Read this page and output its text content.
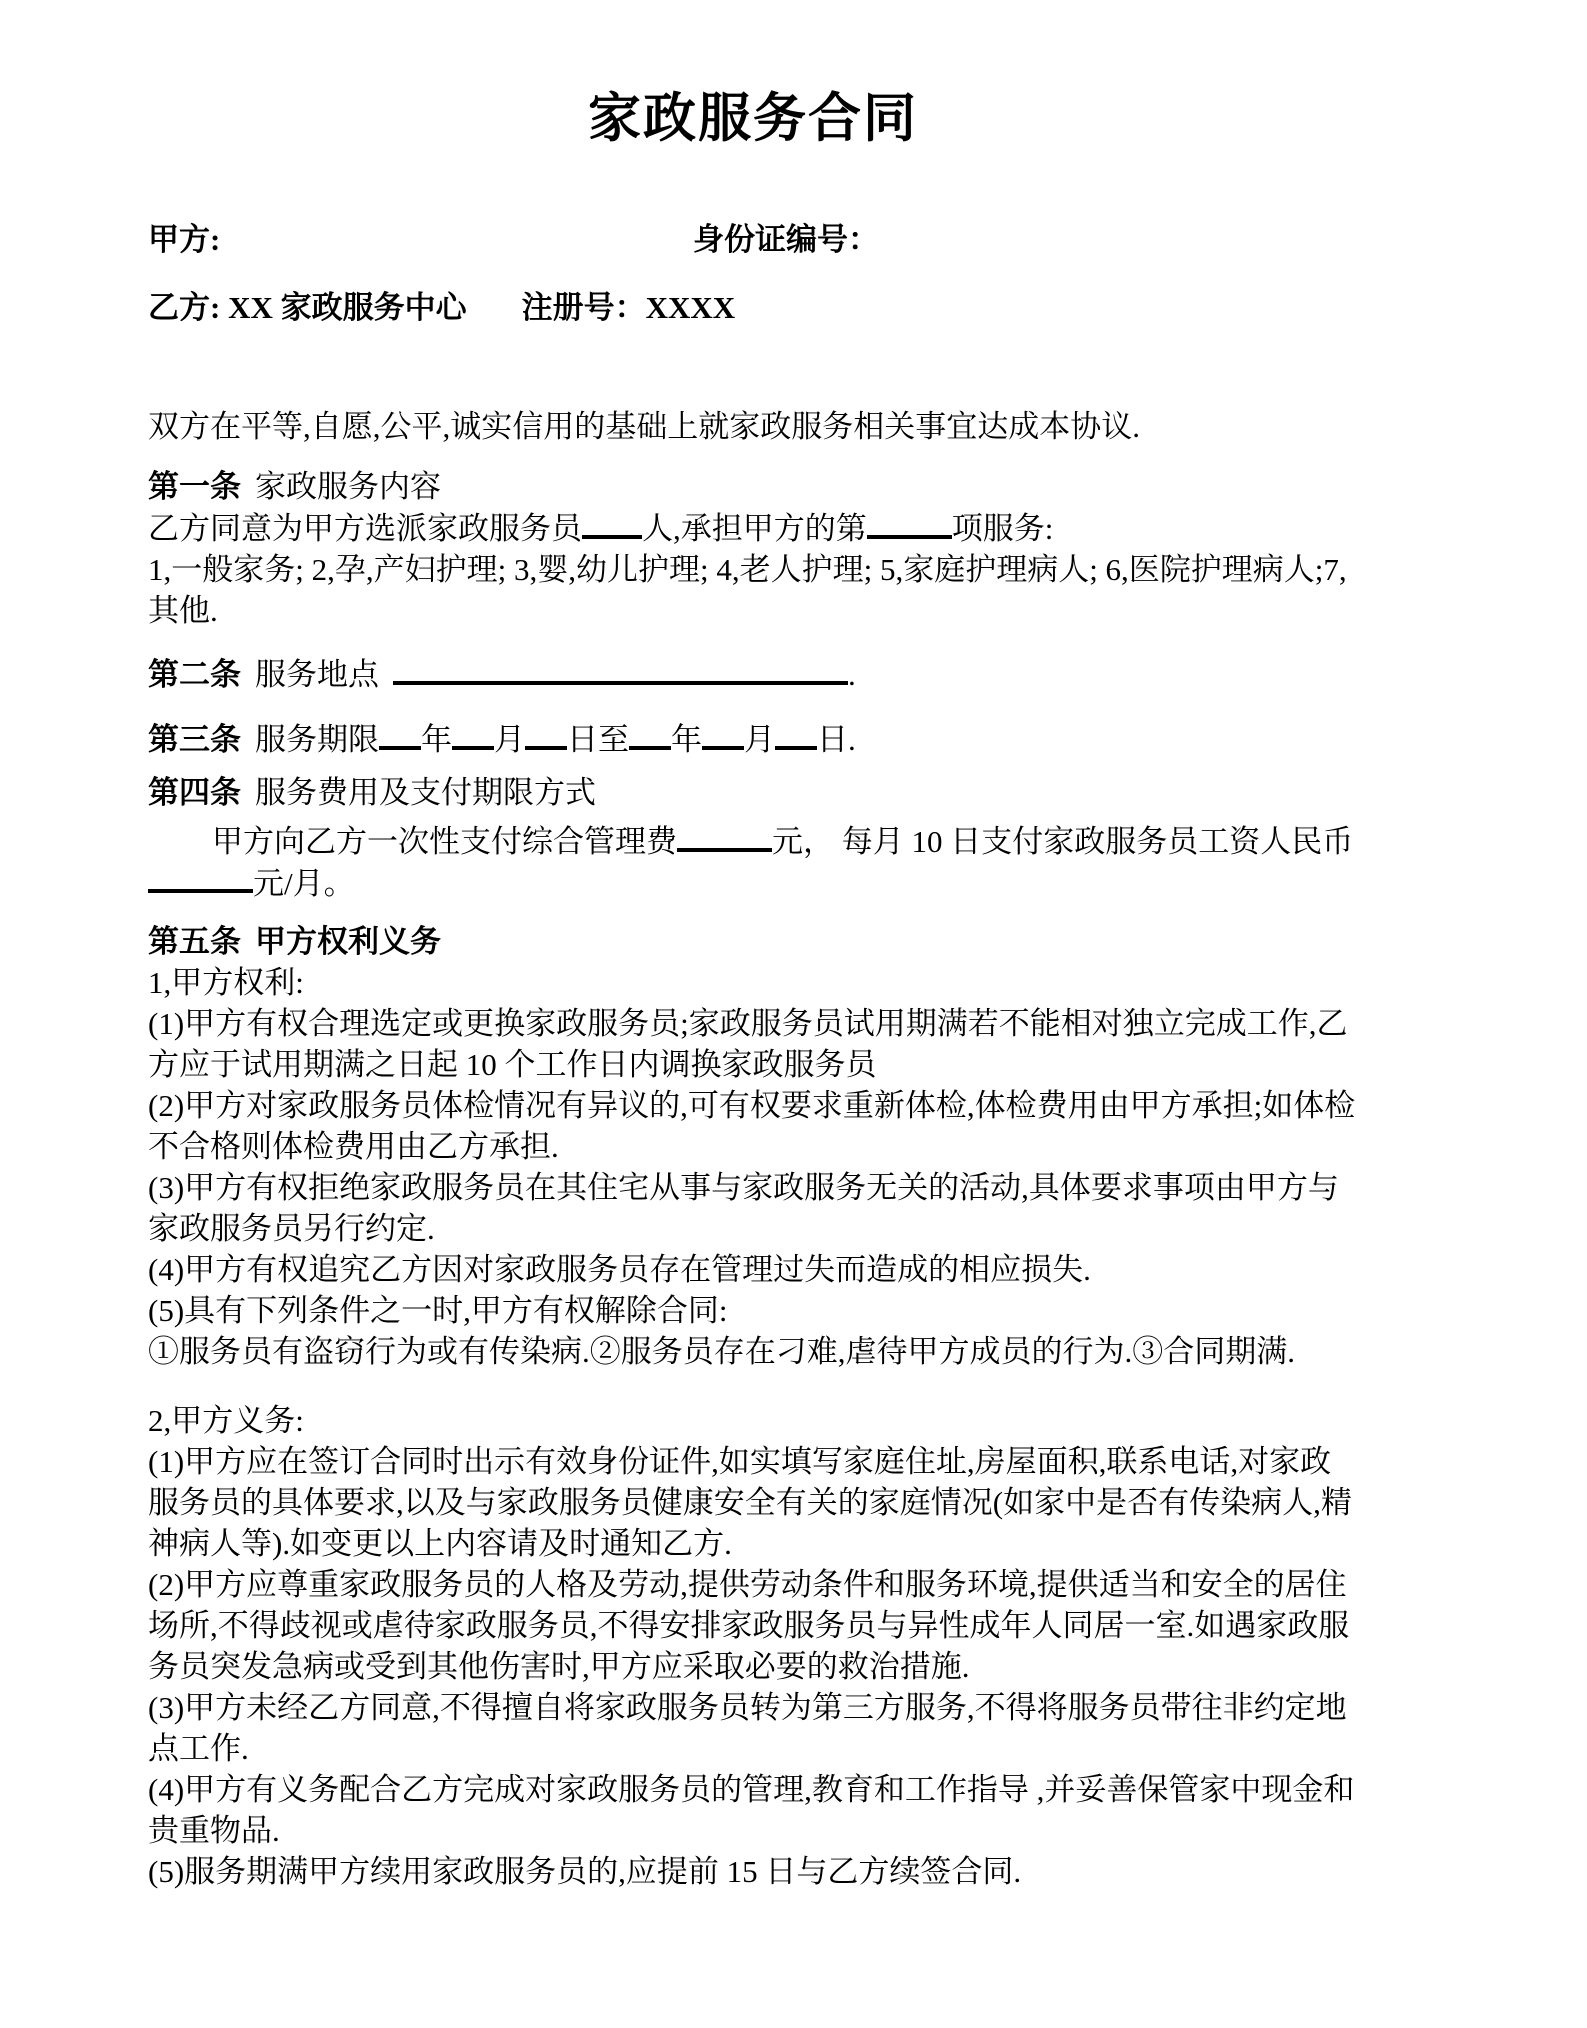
家政服务合同

甲方:	身份证编号：

乙方: XX 家政服务中心 注册号：XXXX

双方在平等,自愿,公平,诚实信用的基础上就家政服务相关事宜达成本协议.

第一条 家政服务内容

乙方同意为甲方选派家政服务员 人,承担甲方的第	项服务:

1,一般家务; 2,孕,产妇护理; 3,婴,幼儿护理; 4,老人护理; 5,家庭护理病人; 6,医院护理病人;7,其他.

第二条 服务地点	.

第三条 服务期限 年 月 日至 年 月 日.

第四条 服务费用及支付期限方式

甲方向乙方一次性支付综合管理费	元， 每月 10 日支付家政服务员工资人民币元/月。

第五条 甲方权利义务

1,甲方权利:

(1)甲方有权合理选定或更换家政服务员;家政服务员试用期满若不能相对独立完成工作,乙方应于试用期满之日起 10 个工作日内调换家政服务员

(2)甲方对家政服务员体检情况有异议的,可有权要求重新体检,体检费用由甲方承担;如体检不合格则体检费用由乙方承担.

(3)甲方有权拒绝家政服务员在其住宅从事与家政服务无关的活动,具体要求事项由甲方与家政服务员另行约定.

(4)甲方有权追究乙方因对家政服务员存在管理过失而造成的相应损失.

(5)具有下列条件之一时,甲方有权解除合同:

①服务员有盗窃行为或有传染病.②服务员存在刁难,虐待甲方成员的行为.③合同期满.

2,甲方义务:

(1)甲方应在签订合同时出示有效身份证件,如实填写家庭住址,房屋面积,联系电话,对家政服务员的具体要求,以及与家政服务员健康安全有关的家庭情况(如家中是否有传染病人,精神病人等).如变更以上内容请及时通知乙方.

(2)甲方应尊重家政服务员的人格及劳动,提供劳动条件和服务环境,提供适当和安全的居住场所,不得歧视或虐待家政服务员,不得安排家政服务员与异性成年人同居一室.如遇家政服务员突发急病或受到其他伤害时,甲方应采取必要的救治措施.

(3)甲方未经乙方同意,不得擅自将家政服务员转为第三方服务,不得将服务员带往非约定地点工作.

(4)甲方有义务配合乙方完成对家政服务员的管理,教育和工作指导 ,并妥善保管家中现金和贵重物品.

(5)服务期满甲方续用家政服务员的,应提前 15 日与乙方续签合同.
